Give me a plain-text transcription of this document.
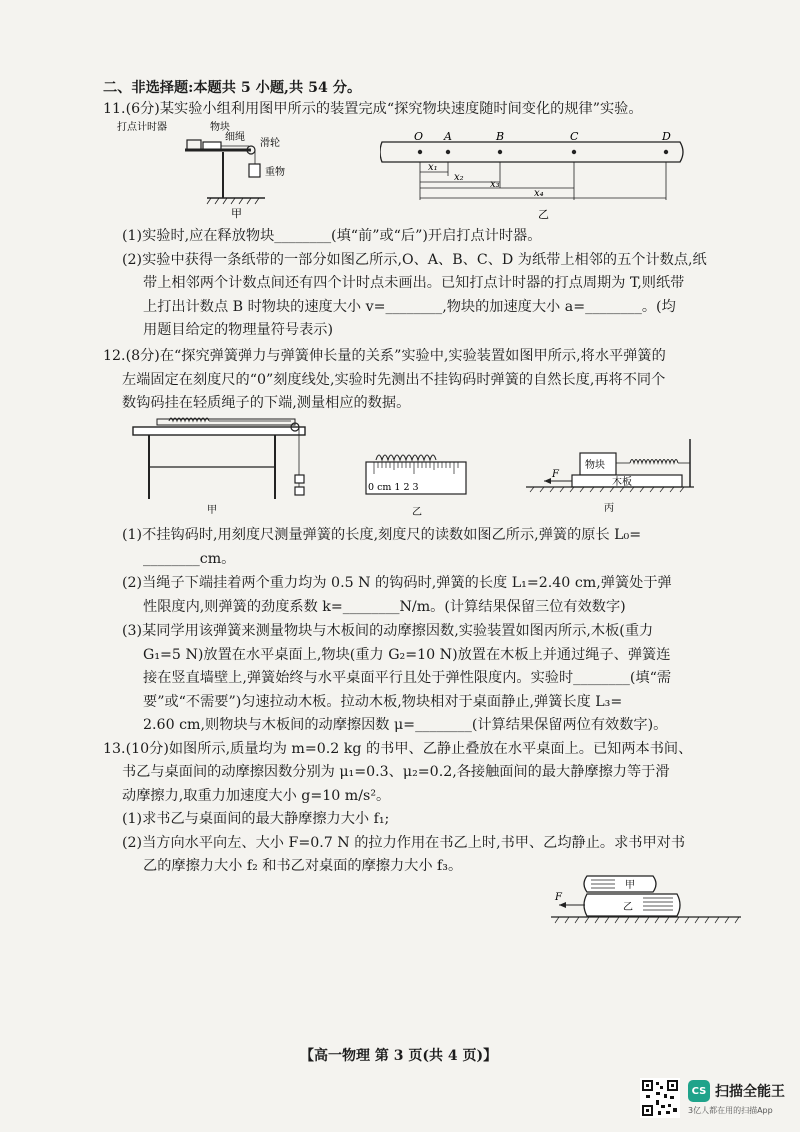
二、非选择题:本题共 5 小题,共 54 分。
11.(6分)某实验小组利用图甲所示的装置完成“探究物块速度随时间变化的规律”实验。
打点计时器	物块
细绳
滑轮
重物
甲
O A	B	C	D
x₁
x₂
x₃
x₄
乙
(1)实验时,应在释放物块________(填“前”或“后”)开启打点计时器。
(2)实验中获得一条纸带的一部分如图乙所示,O、A、B、C、D 为纸带上相邻的五个计数点,纸
带上相邻两个计数点间还有四个计时点未画出。已知打点计时器的打点周期为 T,则纸带
上打出计数点 B 时物块的速度大小 v=________,物块的加速度大小 a=________。(均
用题目给定的物理量符号表示)
12.(8分)在“探究弹簧弹力与弹簧伸长量的关系”实验中,实验装置如图甲所示,将水平弹簧的
左端固定在刻度尺的“0”刻度线处,实验时先测出不挂钩码时弹簧的自然长度,再将不同个
数钩码挂在轻质绳子的下端,测量相应的数据。
甲
0 cm 1 2 3
乙
物块
木板
F
丙
(1)不挂钩码时,用刻度尺测量弹簧的长度,刻度尺的读数如图乙所示,弹簧的原长 L₀=
________cm。
(2)当绳子下端挂着两个重力均为 0.5 N 的钩码时,弹簧的长度 L₁=2.40 cm,弹簧处于弹
性限度内,则弹簧的劲度系数 k=________N/m。(计算结果保留三位有效数字)
(3)某同学用该弹簧来测量物块与木板间的动摩擦因数,实验装置如图丙所示,木板(重力
G₁=5 N)放置在水平桌面上,物块(重力 G₂=10 N)放置在木板上并通过绳子、弹簧连
接在竖直墙壁上,弹簧始终与水平桌面平行且处于弹性限度内。实验时________(填“需
要”或“不需要”)匀速拉动木板。拉动木板,物块相对于桌面静止,弹簧长度 L₃=
2.60 cm,则物块与木板间的动摩擦因数 μ=________(计算结果保留两位有效数字)。
13.(10分)如图所示,质量均为 m=0.2 kg 的书甲、乙静止叠放在水平桌面上。已知两本书间、
书乙与桌面间的动摩擦因数分别为 μ₁=0.3、μ₂=0.2,各接触面间的最大静摩擦力等于滑
动摩擦力,取重力加速度大小 g=10 m/s²。
(1)求书乙与桌面间的最大静摩擦力大小 f₁;
(2)当方向水平向左、大小 F=0.7 N 的拉力作用在书乙上时,书甲、乙均静止。求书甲对书
乙的摩擦力大小 f₂ 和书乙对桌面的摩擦力大小 f₃。
甲
乙
F
【高一物理 第 3 页(共 4 页)】
CS 扫描全能王
3亿人都在用的扫描App
